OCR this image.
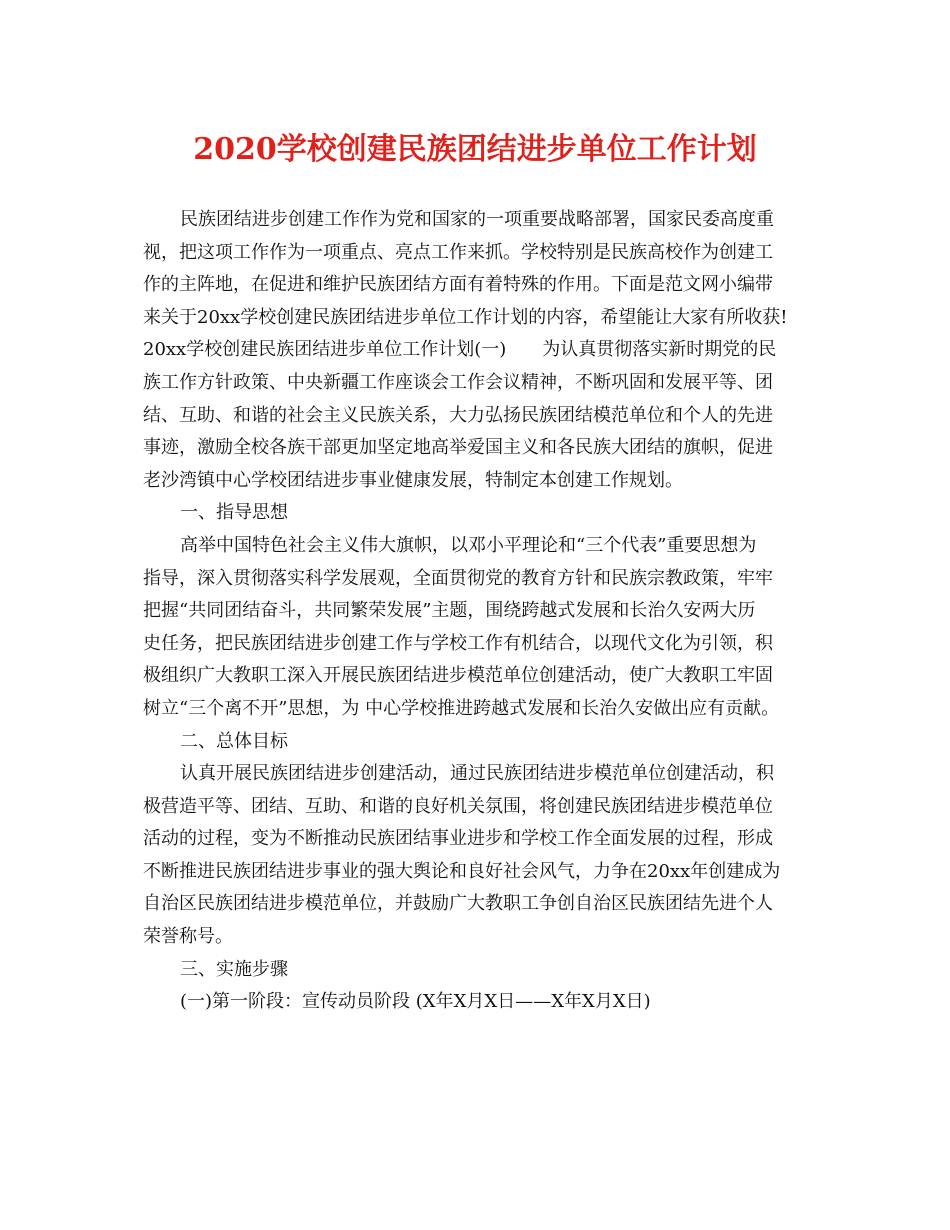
2020学校创建民族团结进步单位工作计划
民族团结进步创建工作作为党和国家的一项重要战略部署，国家民委高度重
视，把这项工作作为一项重点、亮点工作来抓。学校特别是民族高校作为创建工
作的主阵地，在促进和维护民族团结方面有着特殊的作用。下面是范文网小编带
来关于20xx学校创建民族团结进步单位工作计划的内容，希望能让大家有所收获!
20xx学校创建民族团结进步单位工作计划(一)　　为认真贯彻落实新时期党的民
族工作方针政策、中央新疆工作座谈会工作会议精神，不断巩固和发展平等、团
结、互助、和谐的社会主义民族关系，大力弘扬民族团结模范单位和个人的先进
事迹，激励全校各族干部更加坚定地高举爱国主义和各民族大团结的旗帜，促进
老沙湾镇中心学校团结进步事业健康发展，特制定本创建工作规划。
一、指导思想
高举中国特色社会主义伟大旗帜，以邓小平理论和“三个代表”重要思想为
指导，深入贯彻落实科学发展观，全面贯彻党的教育方针和民族宗教政策，牢牢
把握“共同团结奋斗，共同繁荣发展”主题，围绕跨越式发展和长治久安两大历
史任务，把民族团结进步创建工作与学校工作有机结合，以现代文化为引领，积
极组织广大教职工深入开展民族团结进步模范单位创建活动，使广大教职工牢固
树立“三个离不开”思想，为 中心学校推进跨越式发展和长治久安做出应有贡献。
二、总体目标
认真开展民族团结进步创建活动，通过民族团结进步模范单位创建活动，积
极营造平等、团结、互助、和谐的良好机关氛围，将创建民族团结进步模范单位
活动的过程，变为不断推动民族团结事业进步和学校工作全面发展的过程，形成
不断推进民族团结进步事业的强大舆论和良好社会风气，力争在20xx年创建成为
自治区民族团结进步模范单位，并鼓励广大教职工争创自治区民族团结先进个人
荣誉称号。
三、实施步骤
(一)第一阶段：宣传动员阶段 (X年X月X日——X年X月X日)
